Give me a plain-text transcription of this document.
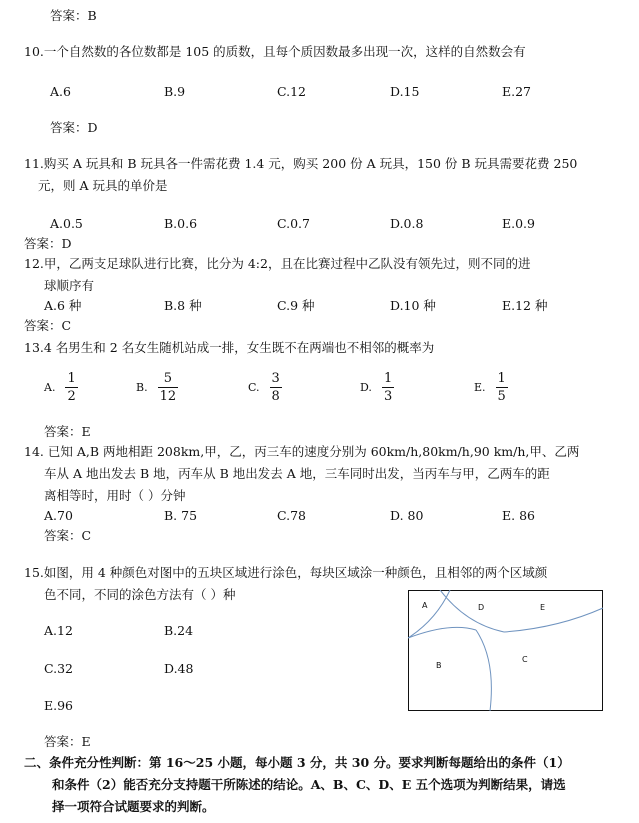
答案：B
10.一个自然数的各位数都是 105 的质数，且每个质因数最多出现一次，这样的自然数会有
A.6	B.9	C.12	D.15	E.27
答案：D
11.购买 A 玩具和 B 玩具各一件需花费 1.4 元，购买 200 份 A 玩具，150 份 B 玩具需要花费 250
元，则 A 玩具的单价是
A.0.5	B.0.6	C.0.7	D.0.8	E.0.9
答案：D
12.甲，乙两支足球队进行比赛，比分为 4:2，且在比赛过程中乙队没有领先过，则不同的进
球顺序有
A.6 种	B.8 种	C.9 种	D.10 种	E.12 种
答案：C
13.4 名男生和 2 名女生随机站成一排，女生既不在两端也不相邻的概率为
A. $\frac{1}{2}$	B. $\frac{5}{12}$	C. $\frac{3}{8}$	D. $\frac{1}{3}$	E. $\frac{1}{5}$
答案：E
14. 已知 A,B 两地相距 208km,甲，乙，丙三车的速度分别为 60km/h,80km/h,90 km/h,甲、乙两
车从 A 地出发去 B 地，丙车从 B 地出发去 A 地，三车同时出发，当丙车与甲，乙两车的距
离相等时，用时（ ）分钟
A.70	B. 75	C.78	D. 80	E. 86
答案：C
15.如图，用 4 种颜色对图中的五块区域进行涂色，每块区域涂一种颜色，且相邻的两个区域颜
色不同，不同的涂色方法有（ ）种
A.12	B.24
C.32	D.48
E.96
答案：E
A	D	E
B
C
二、条件充分性判断：第 16～25 小题，每小题 3 分，共 30 分。要求判断每题给出的条件（1）
和条件（2）能否充分支持题干所陈述的结论。A、B、C、D、E 五个选项为判断结果，请选
择一项符合试题要求的判断。
